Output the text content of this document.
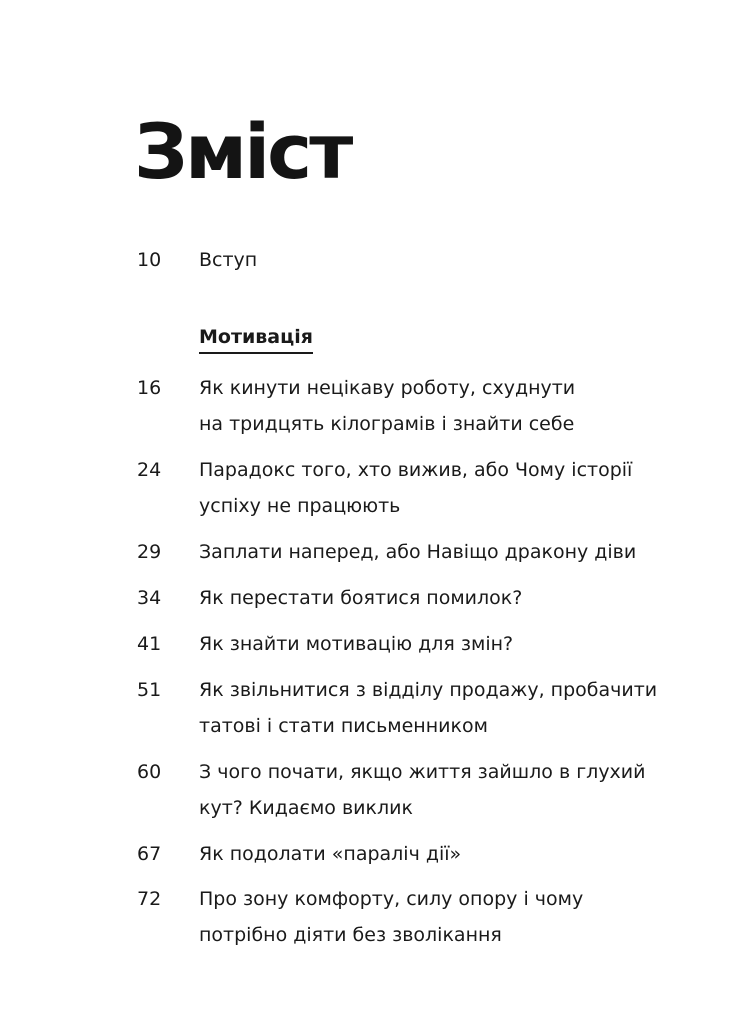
Зміст
10 Вступ
Мотивація
16 Як кинути нецікаву роботу, схуднути
на тридцять кілограмів і знайти себе
24 Парадокс того, хто вижив, або Чому історії
успіху не працюють
29 Заплати наперед, або Навіщо дракону діви
34 Як перестати боятися помилок?
41 Як знайти мотивацію для змін?
51 Як звільнитися з відділу продажу, пробачити
татові і стати письменником
60 З чого почати, якщо життя зайшло в глухий
кут? Кидаємо виклик
67 Як подолати «параліч дії»
72 Про зону комфорту, силу опору і чому
потрібно діяти без зволікання
